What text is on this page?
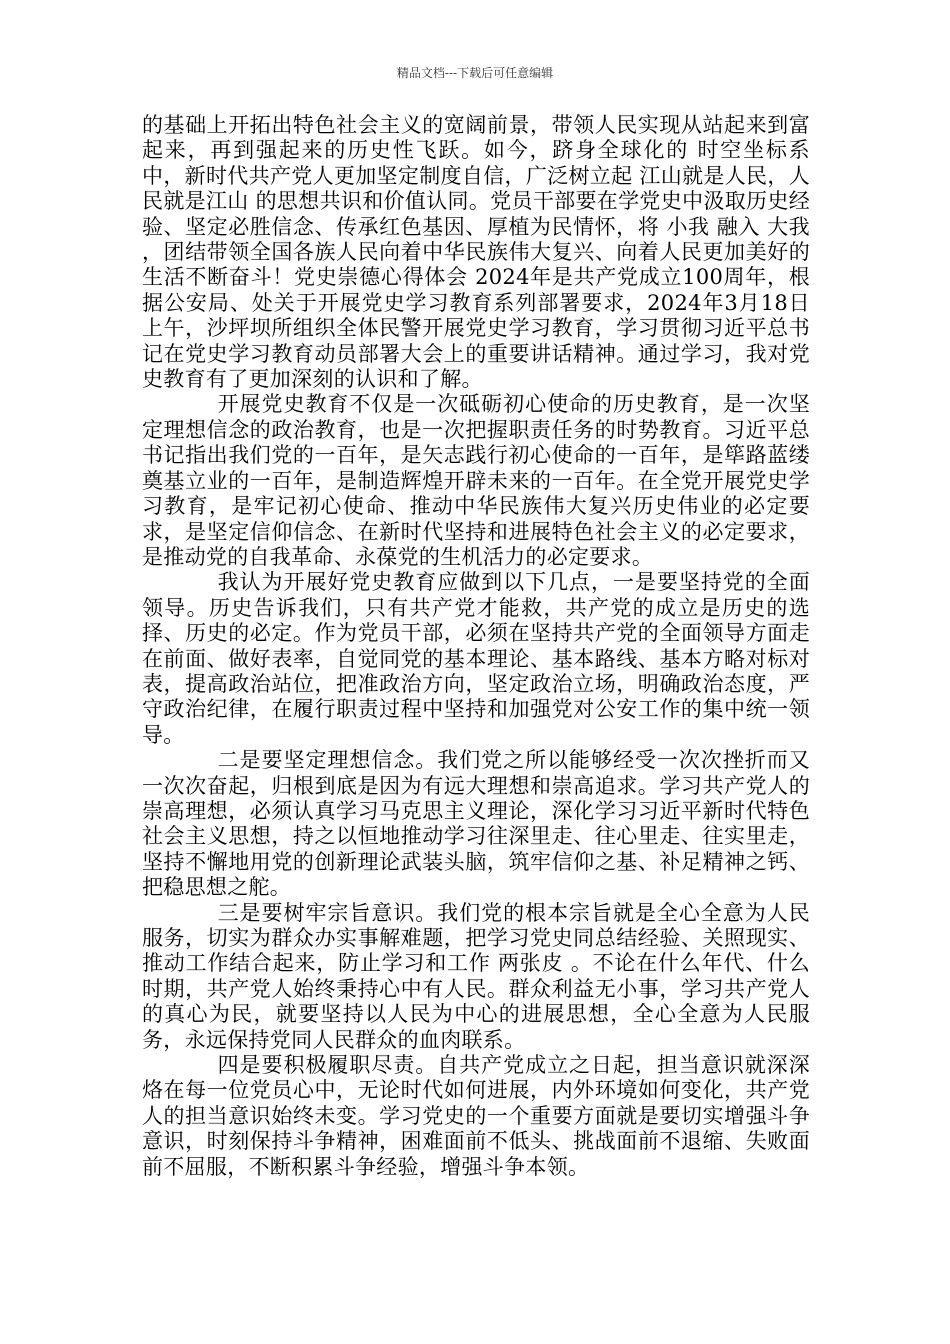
精品文档---下载后可任意编辑

的基础上开拓出特色社会主义的宽阔前景，带领人民实现从站起来到富起来，再到强起来的历史性飞跃。如今，跻身全球化的 时空坐标系 中，新时代共产党人更加坚定制度自信，广泛树立起 江山就是人民，人民就是江山 的思想共识和价值认同。党员干部要在学党史中汲取历史经验、坚定必胜信念、传承红色基因、厚植为民情怀，将 小我 融入 大我 ，团结带领全国各族人民向着中华民族伟大复兴、向着人民更加美好的生活不断奋斗！党史崇德心得体会 2024年是共产党成立100周年，根据公安局、处关于开展党史学习教育系列部署要求，2024年3月18日上午，沙坪坝所组织全体民警开展党史学习教育，学习贯彻习近平总书记在党史学习教育动员部署大会上的重要讲话精神。通过学习，我对党史教育有了更加深刻的认识和了解。

开展党史教育不仅是一次砥砺初心使命的历史教育，是一次坚定理想信念的政治教育，也是一次把握职责任务的时势教育。习近平总书记指出我们党的一百年，是矢志践行初心使命的一百年，是筚路蓝缕奠基立业的一百年，是制造辉煌开辟未来的一百年。在全党开展党史学习教育，是牢记初心使命、推动中华民族伟大复兴历史伟业的必定要求，是坚定信仰信念、在新时代坚持和进展特色社会主义的必定要求，是推动党的自我革命、永葆党的生机活力的必定要求。

我认为开展好党史教育应做到以下几点，一是要坚持党的全面领导。历史告诉我们，只有共产党才能救，共产党的成立是历史的选择、历史的必定。作为党员干部，必须在坚持共产党的全面领导方面走在前面、做好表率，自觉同党的基本理论、基本路线、基本方略对标对表，提高政治站位，把准政治方向，坚定政治立场，明确政治态度，严守政治纪律，在履行职责过程中坚持和加强党对公安工作的集中统一领导。

二是要坚定理想信念。我们党之所以能够经受一次次挫折而又一次次奋起，归根到底是因为有远大理想和崇高追求。学习共产党人的崇高理想，必须认真学习马克思主义理论，深化学习习近平新时代特色社会主义思想，持之以恒地推动学习往深里走、往心里走、往实里走，坚持不懈地用党的创新理论武装头脑，筑牢信仰之基、补足精神之钙、把稳思想之舵。

三是要树牢宗旨意识。我们党的根本宗旨就是全心全意为人民服务，切实为群众办实事解难题，把学习党史同总结经验、关照现实、推动工作结合起来，防止学习和工作 两张皮 。不论在什么年代、什么时期，共产党人始终秉持心中有人民。群众利益无小事，学习共产党人的真心为民，就要坚持以人民为中心的进展思想，全心全意为人民服务，永远保持党同人民群众的血肉联系。

四是要积极履职尽责。自共产党成立之日起，担当意识就深深烙在每一位党员心中，无论时代如何进展，内外环境如何变化，共产党人的担当意识始终未变。学习党史的一个重要方面就是要切实增强斗争意识，时刻保持斗争精神，困难面前不低头、挑战面前不退缩、失败面前不屈服，不断积累斗争经验，增强斗争本领。
